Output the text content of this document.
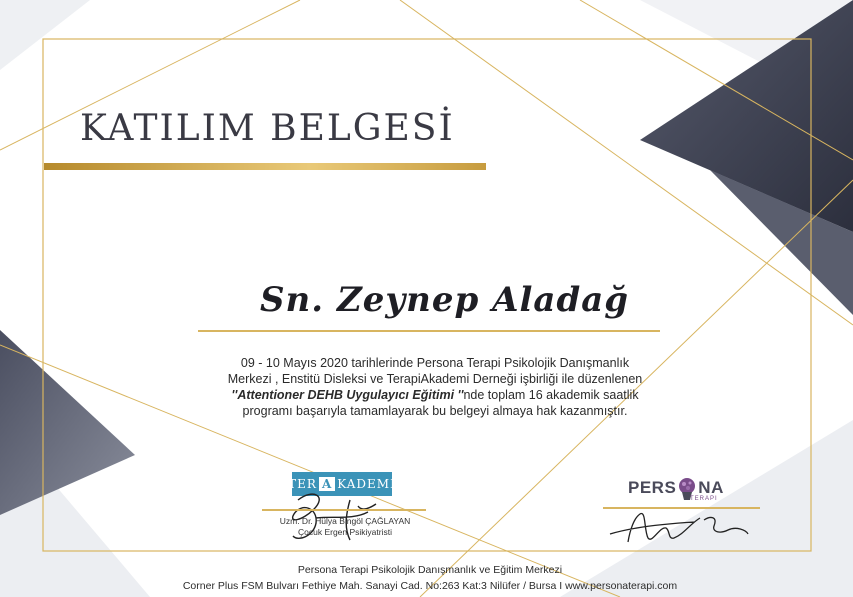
KATILIM BELGESİ
Sn. Zeynep Aladağ
09 - 10 Mayıs 2020 tarihlerinde Persona Terapi Psikolojik Danışmanlık
Merkezi , Enstitü Disleksi ve TerapiAkademi Derneği işbirliği ile düzenlenen
''Attentioner DEHB Uygulayıcı Eğitimi ''nde toplam 16 akademik saatlik
programı başarıyla tamamlayarak bu belgeyi almaya hak kazanmıştır.
TER A KADEMI
Uzm. Dr. Hülya Bingöl ÇAĞLAYAN
Çocuk Ergen Psikiyatristi
PERS NA
TERAPI
Persona Terapi Psikolojik Danışmanlık ve Eğitim Merkezi
Corner Plus FSM Bulvarı Fethiye Mah. Sanayi Cad. No:263 Kat:3 Nilüfer / Bursa I www.personaterapi.com
